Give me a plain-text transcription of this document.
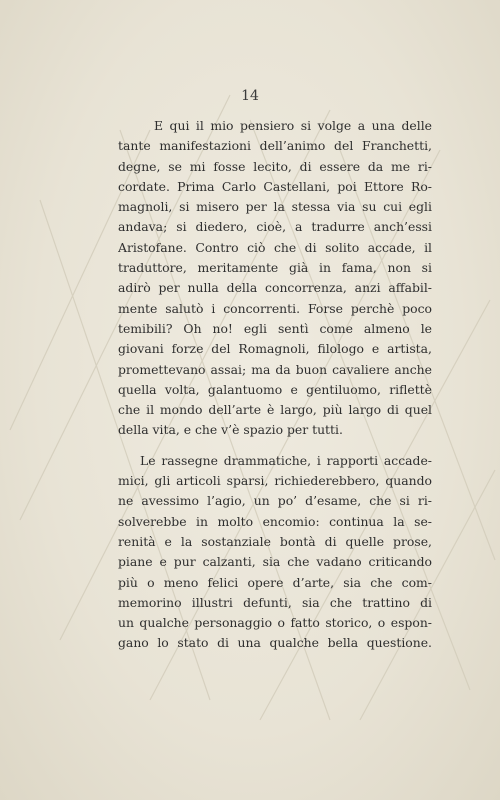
14
E qui il mio pensiero si volge a una delle
tante manifestazioni dell’animo del Franchetti,
degne, se mi fosse lecito, di essere da me ri-
cordate. Prima Carlo Castellani, poi Ettore Ro-
magnoli, si misero per la stessa via su cui egli
andava; si diedero, cioè, a tradurre anch’essi
Aristofane. Contro ciò che di solito accade, il
traduttore, meritamente già in fama, non si
adirò per nulla della concorrenza, anzi affabil-
mente salutò i concorrenti. Forse perchè poco
temibili? Oh no! egli sentì come almeno le
giovani forze del Romagnoli, filologo e artista,
promettevano assai; ma da buon cavaliere anche
quella volta, galantuomo e gentiluomo, riflettè
che il mondo dell’arte è largo, più largo di quel
della vita, e che v’è spazio per tutti.
Le rassegne drammatiche, i rapporti accade-
mici, gli articoli sparsi, richiederebbero, quando
ne avessimo l’agio, un po’ d’esame, che si ri-
solverebbe in molto encomio: continua la se-
renità e la sostanziale bontà di quelle prose,
piane e pur calzanti, sia che vadano criticando
più o meno felici opere d’arte, sia che com-
memorino illustri defunti, sia che trattino di
un qualche personaggio o fatto storico, o espon-
gano lo stato di una qualche bella questione.
